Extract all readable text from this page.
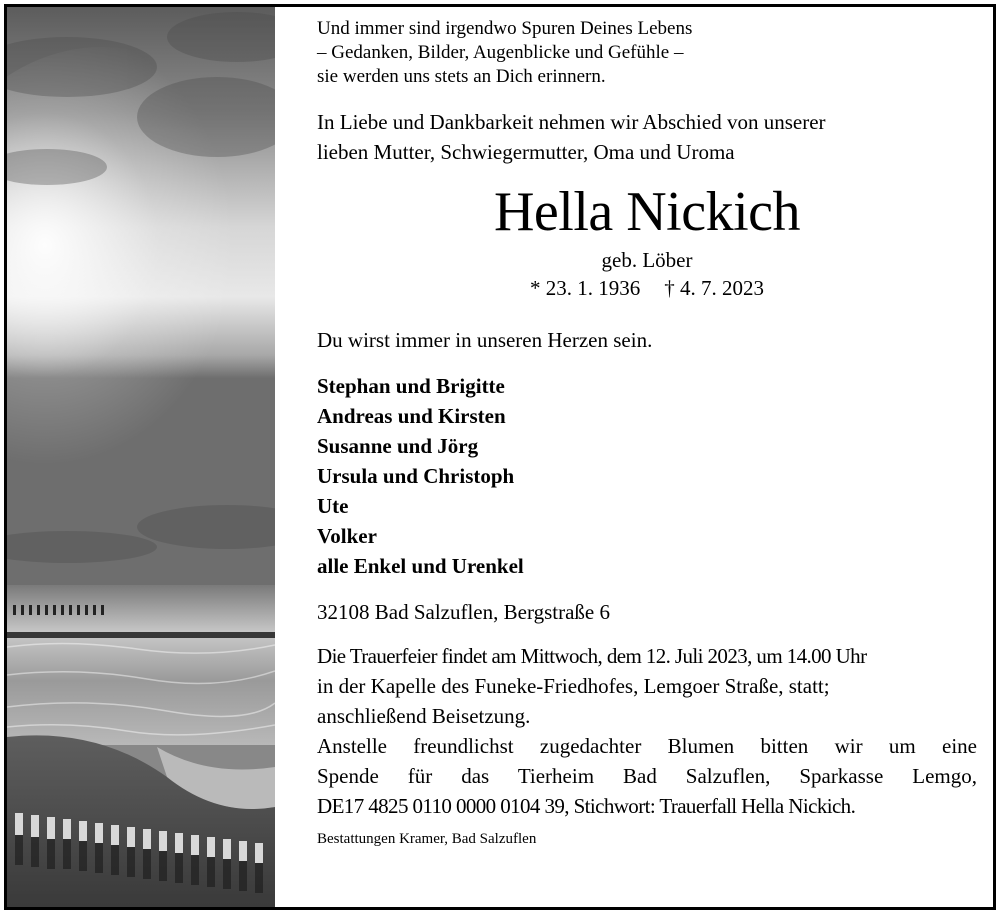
Und immer sind irgendwo Spuren Deines Lebens

– Gedanken, Bilder, Augenblicke und Gefühle –

sie werden uns stets an Dich erinnern.

In Liebe und Dankbarkeit nehmen wir Abschied von unserer

lieben Mutter, Schwiegermutter, Oma und Uroma

Hella Nickich

geb. Löber

* 23. 1. 1936 † 4. 7. 2023

Du wirst immer in unseren Herzen sein.

Stephan und Brigitte

Andreas und Kirsten

Susanne und Jörg

Ursula und Christoph

Ute

Volker

alle Enkel und Urenkel

32108 Bad Salzuflen, Bergstraße 6

Die Trauerfeier findet am Mittwoch, dem 12. Juli 2023, um 14.00 Uhr

in der Kapelle des Funeke-Friedhofes, Lemgoer Straße, statt;

anschließend Beisetzung.

Anstelle freundlichst zugedachter Blumen bitten wir um eine

Spende für das Tierheim Bad Salzuflen, Sparkasse Lemgo,

DE17 4825 0110 0000 0104 39, Stichwort: Trauerfall Hella Nickich.

Bestattungen Kramer, Bad Salzuflen
